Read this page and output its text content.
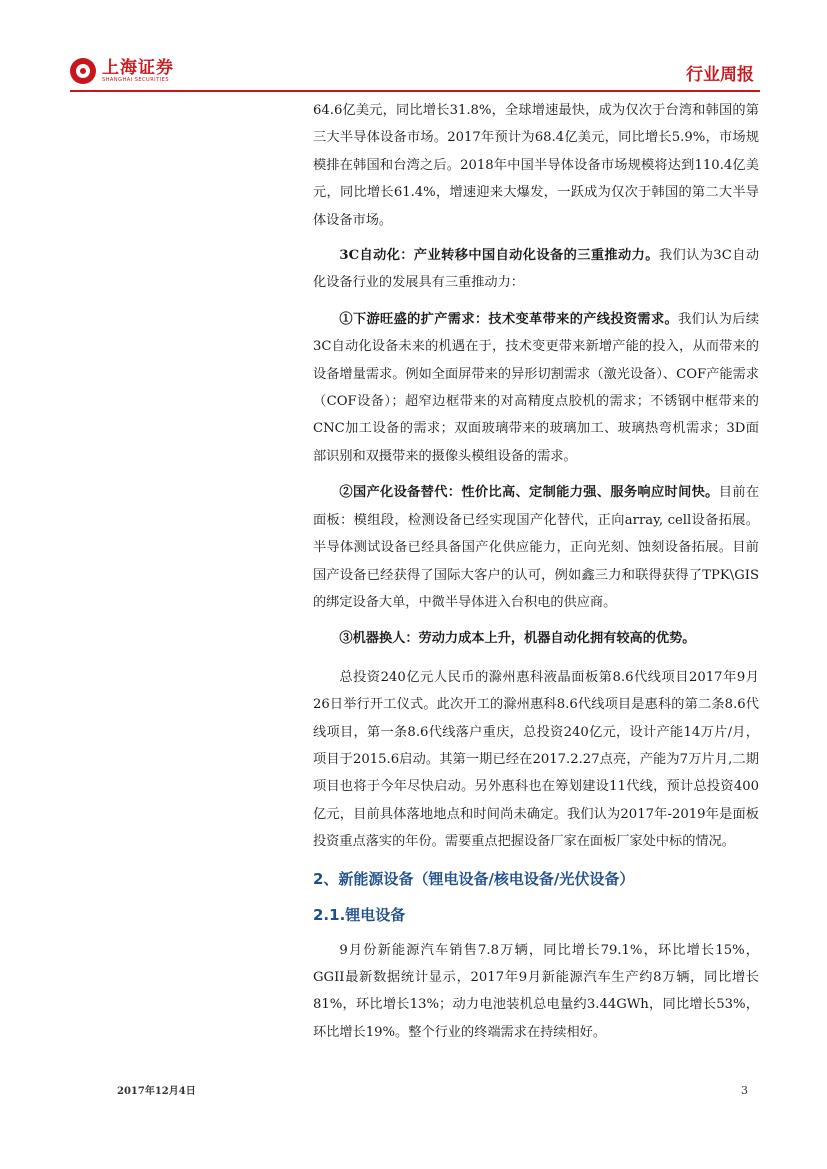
上海证券
SHANGHAI SECURITIES	行业周报

64.6亿美元，同比增长31.8%，全球增速最快，成为仅次于台湾和韩国的第三大半导体设备市场。2017年预计为68.4亿美元，同比增长5.9%，市场规模排在韩国和台湾之后。2018年中国半导体设备市场规模将达到110.4亿美元，同比增长61.4%，增速迎来大爆发，一跃成为仅次于韩国的第二大半导体设备市场。

3C自动化：产业转移中国自动化设备的三重推动力。我们认为3C自动化设备行业的发展具有三重推动力：

①下游旺盛的扩产需求：技术变革带来的产线投资需求。我们认为后续3C自动化设备未来的机遇在于，技术变更带来新增产能的投入，从而带来的设备增量需求。例如全面屏带来的异形切割需求（激光设备）、COF产能需求（COF设备）；超窄边框带来的对高精度点胶机的需求；不锈钢中框带来的CNC加工设备的需求；双面玻璃带来的玻璃加工、玻璃热弯机需求；3D面部识别和双摄带来的摄像头模组设备的需求。

②国产化设备替代：性价比高、定制能力强、服务响应时间快。目前在面板：模组段，检测设备已经实现国产化替代，正向array, cell设备拓展。半导体测试设备已经具备国产化供应能力，正向光刻、蚀刻设备拓展。目前国产设备已经获得了国际大客户的认可，例如鑫三力和联得获得了TPK\GIS的绑定设备大单，中微半导体进入台积电的供应商。

③机器换人：劳动力成本上升，机器自动化拥有较高的优势。

总投资240亿元人民币的滁州惠科液晶面板第8.6代线项目2017年9月26日举行开工仪式。此次开工的滁州惠科8.6代线项目是惠科的第二条8.6代线项目，第一条8.6代线落户重庆，总投资240亿元，设计产能14万片/月，项目于2015.6启动。其第一期已经在2017.2.27点亮，产能为7万片月,二期项目也将于今年尽快启动。另外惠科也在筹划建设11代线，预计总投资400亿元，目前具体落地地点和时间尚未确定。我们认为2017年-2019年是面板投资重点落实的年份。需要重点把握设备厂家在面板厂家处中标的情况。

2、新能源设备（锂电设备/核电设备/光伏设备）
2.1.锂电设备

9月份新能源汽车销售7.8万辆，同比增长79.1%，环比增长15%，GGII最新数据统计显示，2017年9月新能源汽车生产约8万辆，同比增长81%，环比增长13%；动力电池装机总电量约3.44GWh，同比增长53%，环比增长19%。整个行业的终端需求在持续相好。

2017年12月4日	3
